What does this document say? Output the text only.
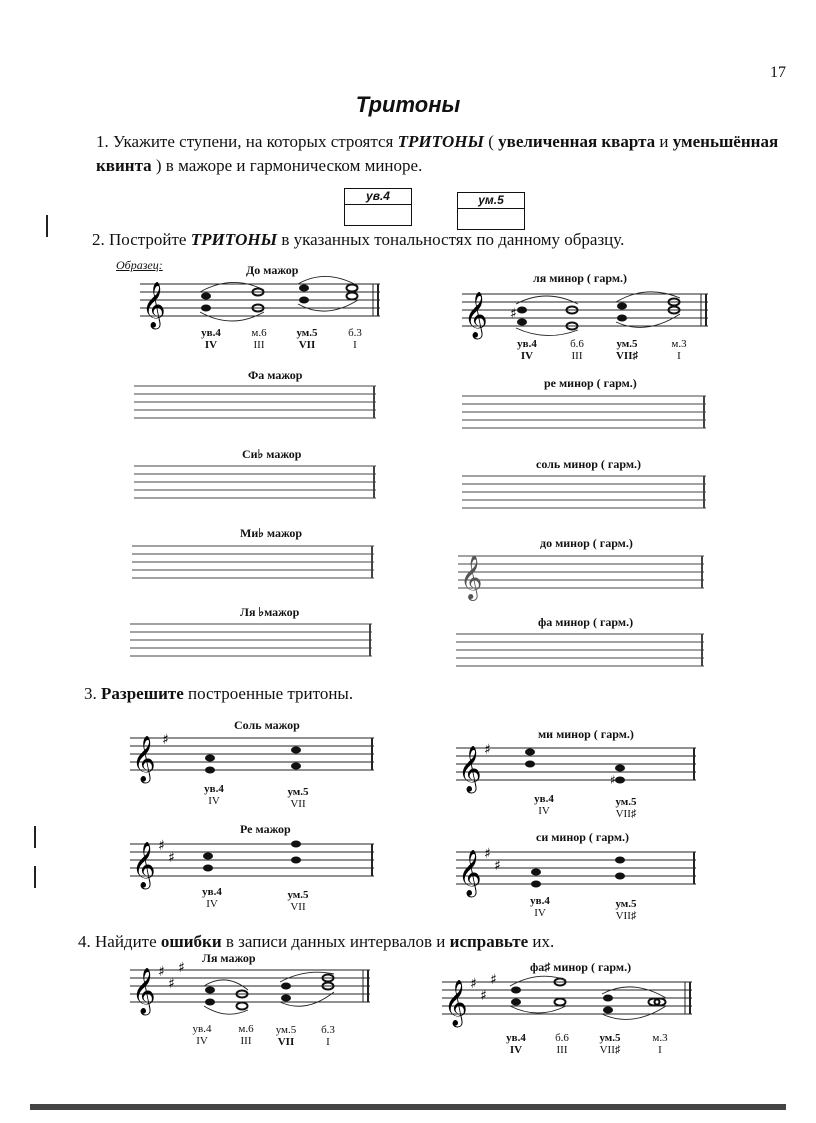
17
Тритоны
1. Укажите ступени, на которых строятся ТРИТОНЫ ( увеличенная кварта и уменьшённая квинта ) в мажоре и гармоническом миноре.
ув.4	ум.5
2. Постройте ТРИТОНЫ в указанных тональностях по данному образцу.
Образец:	До мажор
𝄞
ув.4
IV
м.6
III
ум.5
VII
б.3
I
ля минор ( гарм.)
𝄞 ♯
ув.4
IV
б.6
III
ум.5
VII♯
м.3
I
Фа мажор
ре минор ( гарм.)
Си♭ мажор
соль минор ( гарм.)
Ми♭ мажор
до минор ( гарм.)
𝄞
Ля ♭мажор
фа минор ( гарм.)
3. Разрешите построенные тритоны.
Соль мажор
𝄞 ♯
ув.4
IV
ум.5
VII
ми минор ( гарм.)
𝄞 ♯
♯
ув.4
IV
ум.5
VII♯
Ре мажор
𝄞 ♯
♯
ув.4
IV
ум.5
VII
си минор ( гарм.)
𝄞 ♯
♯
ув.4
IV
ум.5
VII♯
4. Найдите ошибки в записи данных интервалов и исправьте их.
Ля мажор
𝄞 ♯
♯
♯
ув.4
IV
м.6
III
ум.5
VII
б.3
I
фа♯ минор ( гарм.)
𝄞 ♯
♯
♯
ув.4
IV
б.6
III
ум.5
VII♯
м.3
I
